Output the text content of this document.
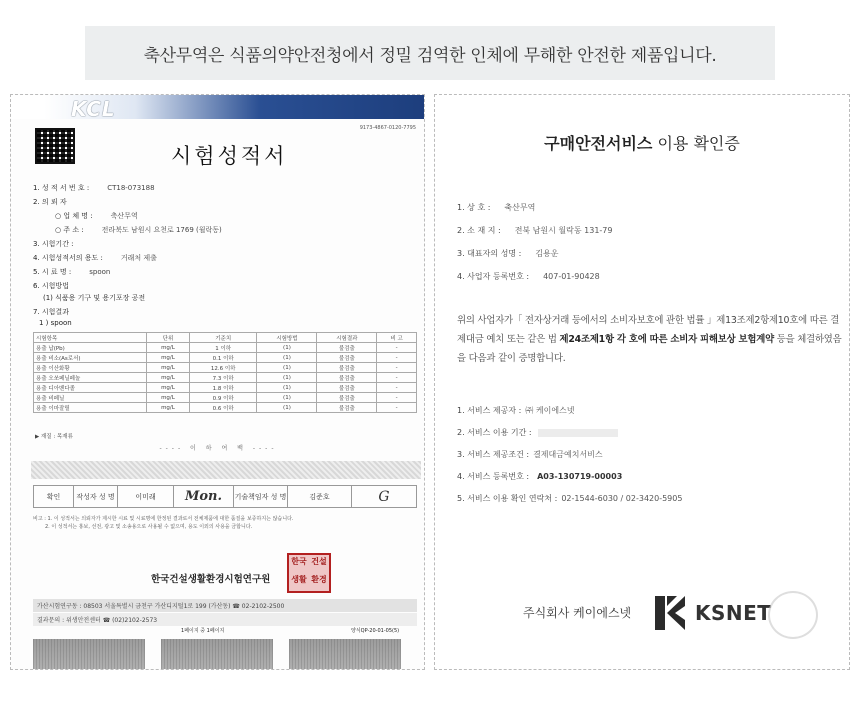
축산무역은 식품의약안전청에서 정밀 검역한 인체에 무해한 안전한 제품입니다.
KCL
9173-4867-0120-7795
시험성적서
1. 성 적 서 번 호 :	CT18-073188
2. 의 뢰 자
○ 업 체 명 :	축산무역
○ 주 소 :	전라북도 남원시 요천로 1769 (월락동)
3. 시험기간 :
4. 시험성적서의 용도 :	거래처 제출
5. 시 료 명 :	spoon
6. 시험방법
(1) 식품용 기구 및 용기포장 공전
7. 시험결과
1 ) spoon
시험항목	단위	기준치	시험방법	시험결과	비 고
용출 납(Pb)	mg/L	1 이하	(1)	불검출	-
용출 비소(As로서)	mg/L	0.1 이하	(1)	불검출	-
용출 이산화황	mg/L	12.6 이하	(1)	불검출	-
용출 오쏘페닐페놀	mg/L	7.3 이하	(1)	불검출	-
용출 디아벤다졸	mg/L	1.8 이하	(1)	불검출	-
용출 비페닐	mg/L	0.9 이하	(1)	불검출	-
용출 이마잘릴	mg/L	0.6 이하	(1)	불검출	-
▶ 재질 : 목재류
---- 이 하 여 백 ----
확인	작성자 성 명	이미래	Mon.	기술책임자 성 명	김준호	G
비고 : 1. 이 성적서는 의뢰자가 제시한 시료 및 시료명에 한정된 결과로서 전체제품에 대한 품질을 보증하지는 않습니다.
2. 이 성적서는 홍보, 선전, 광고 및 소송용으로 사용될 수 없으며, 용도 이외의 사용을 금합니다.
한국건설생활환경시험연구원
한국 건설
생활 환경
가산시험연구동 : 08503 서울특별시 금천구 가산디지털1로 199 (가산동) ☎ 02-2102-2500
결과문의 : 위생안전센터 ☎ (02)2102-2573
1페이지 중 1페이지	양식QP-20-01-05(5)
구매안전서비스 이용 확인증
1. 상 호 : 축산무역
2. 소 재 지 : 전북 남원시 월락동 131-79
3. 대표자의 성명 : 김용운
4. 사업자 등록번호 : 407-01-90428
위의 사업자가「 전자상거래 등에서의 소비자보호에 관한 법률 」제13조제2항제10호에 따른 결제대금 예치 또는 같은 법 제24조제1항 각 호에 따른 소비자 피해보상 보험계약 등을 체결하였음을 다음과 같이 증명합니다.
1. 서비스 제공자 : ㈜ 케이에스넷
2. 서비스 이용 기간 :
3. 서비스 제공조건 : 결제대금예치서비스
4. 서비스 등록번호 : A03-130719-00003
5. 서비스 이용 확인 연락처 : 02-1544-6030 / 02-3420-5905
주식회사 케이에스넷	KSNET
